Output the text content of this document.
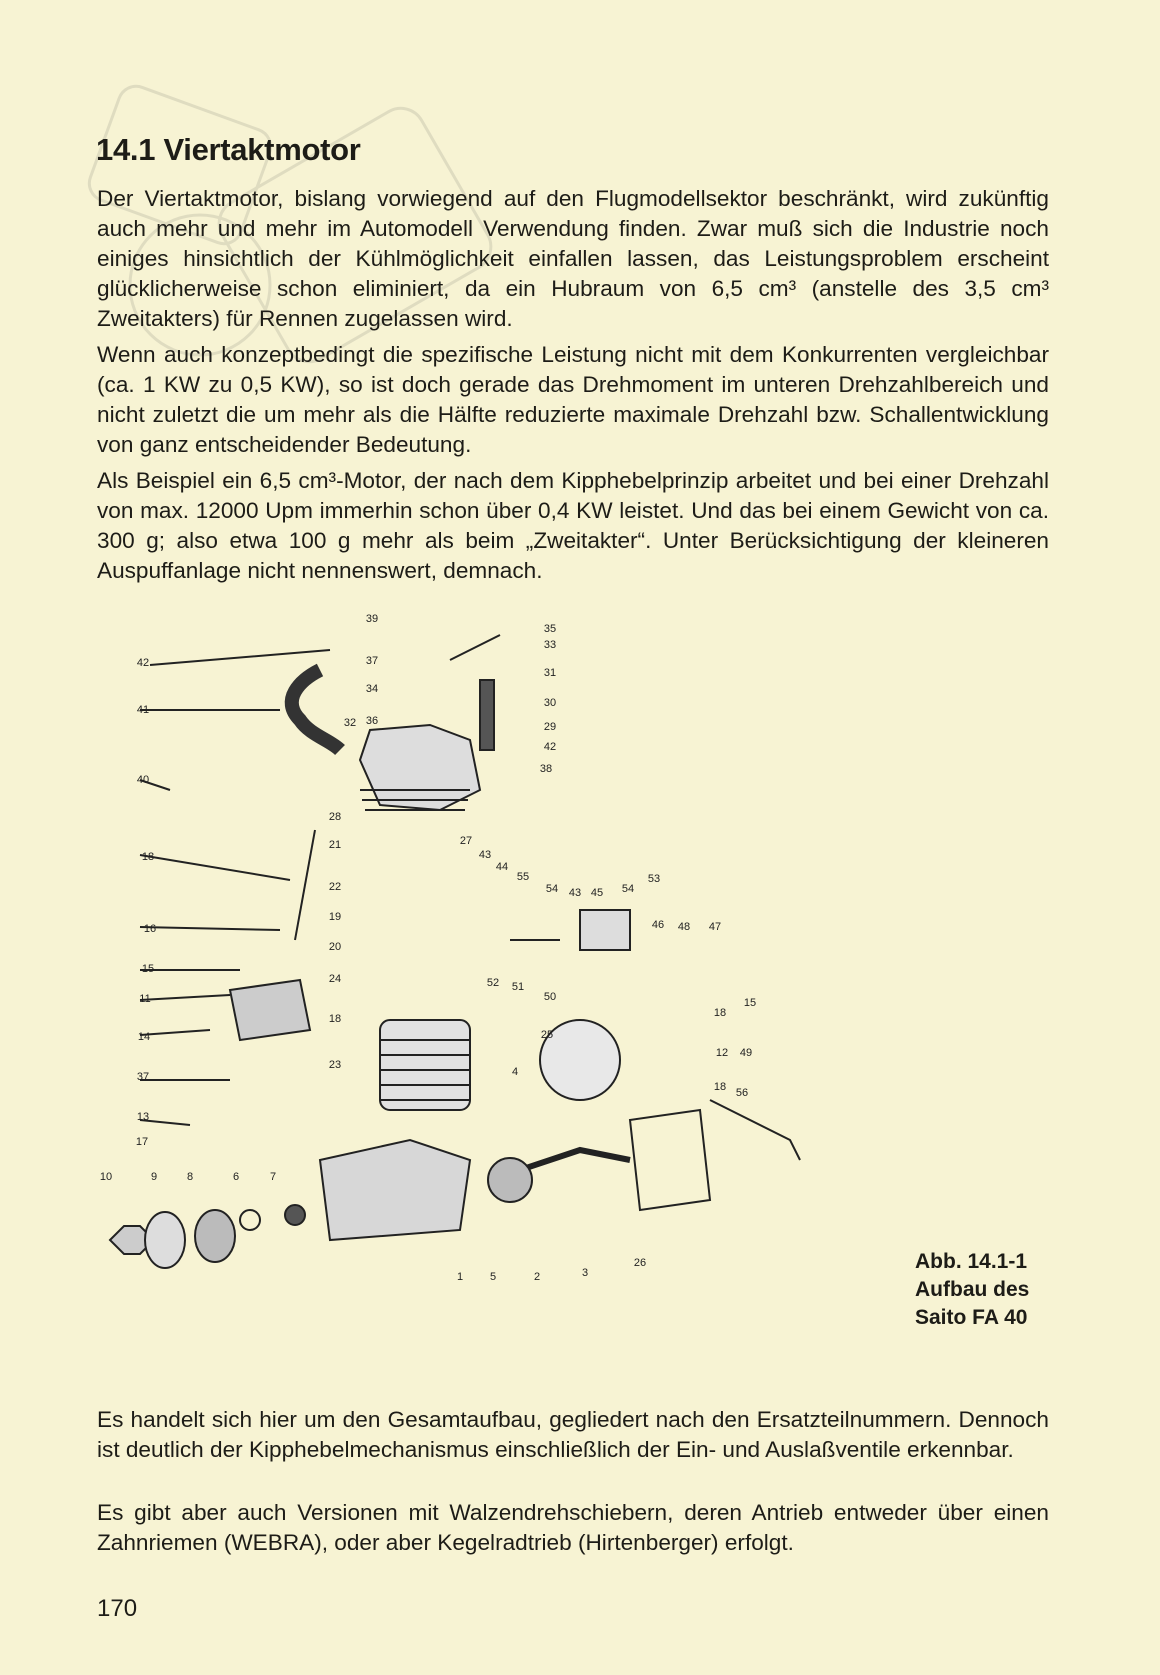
14.1 Viertaktmotor

Der Viertaktmotor, bislang vorwiegend auf den Flugmodellsektor beschränkt, wird zukünftig auch mehr und mehr im Automodell Verwendung finden. Zwar muß sich die Industrie noch einiges hinsichtlich der Kühlmöglichkeit einfallen lassen, das Leistungsproblem erscheint glücklicherweise schon eliminiert, da ein Hubraum von 6,5 cm³ (anstelle des 3,5 cm³ Zweitakters) für Rennen zugelassen wird.

Wenn auch konzeptbedingt die spezifische Leistung nicht mit dem Konkurrenten vergleichbar (ca. 1 KW zu 0,5 KW), so ist doch gerade das Drehmoment im unteren Drehzahlbereich und nicht zuletzt die um mehr als die Hälfte reduzierte maximale Drehzahl bzw. Schallentwicklung von ganz entscheidender Bedeutung.

Als Beispiel ein 6,5 cm³-Motor, der nach dem Kipphebelprinzip arbeitet und bei einer Drehzahl von max. 12000 Upm immerhin schon über 0,4 KW leistet. Und das bei einem Gewicht von ca. 300 g; also etwa 100 g mehr als beim „Zweitakter“. Unter Berücksichtigung der kleineren Auspuffanlage nicht nennenswert, demnach.

39
35
33
42	37
31
41
34
30
32 36	29
42
38
40
28
21	27
43
18
44
22
55
54 43 45 54
53
19
46 48 47
16
20
15
52 51
50
24
11
18
25
18
15
14
12 49
23
4
18 56
37
13
17
10	9	8	6	7
1 5	2	3
26	Abb. 14.1-1
Aufbau des
Saito FA 40

Es handelt sich hier um den Gesamtaufbau, gegliedert nach den Ersatzteilnummern. Dennoch ist deutlich der Kipphebelmechanismus einschließlich der Ein- und Auslaßventile erkennbar.

Es gibt aber auch Versionen mit Walzendrehschiebern, deren Antrieb entweder über einen Zahnriemen (WEBRA), oder aber Kegelradtrieb (Hirtenberger) erfolgt.

170
